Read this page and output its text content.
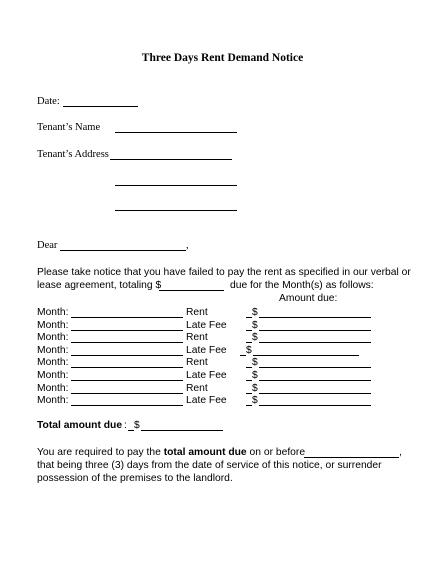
Three Days Rent Demand Notice
Date:
Tenant’s Name
Tenant’s Address
Dear	,
Please take notice that you have failed to pay the rent as specified in our verbal or
lease agreement, totaling $	due for the Month(s) as follows:
Amount due:
Month:	Rent	$
Month:	Late Fee $
Month:	Rent	$
Month:	Late Fee $
Month:	Rent	$
Month:	Late Fee $
Month:	Rent	$
Month:	Late Fee $
Total amount due : $
You are required to pay the total amount due on or before	,
that being three (3) days from the date of service of this notice, or surrender
possession of the premises to the landlord.
